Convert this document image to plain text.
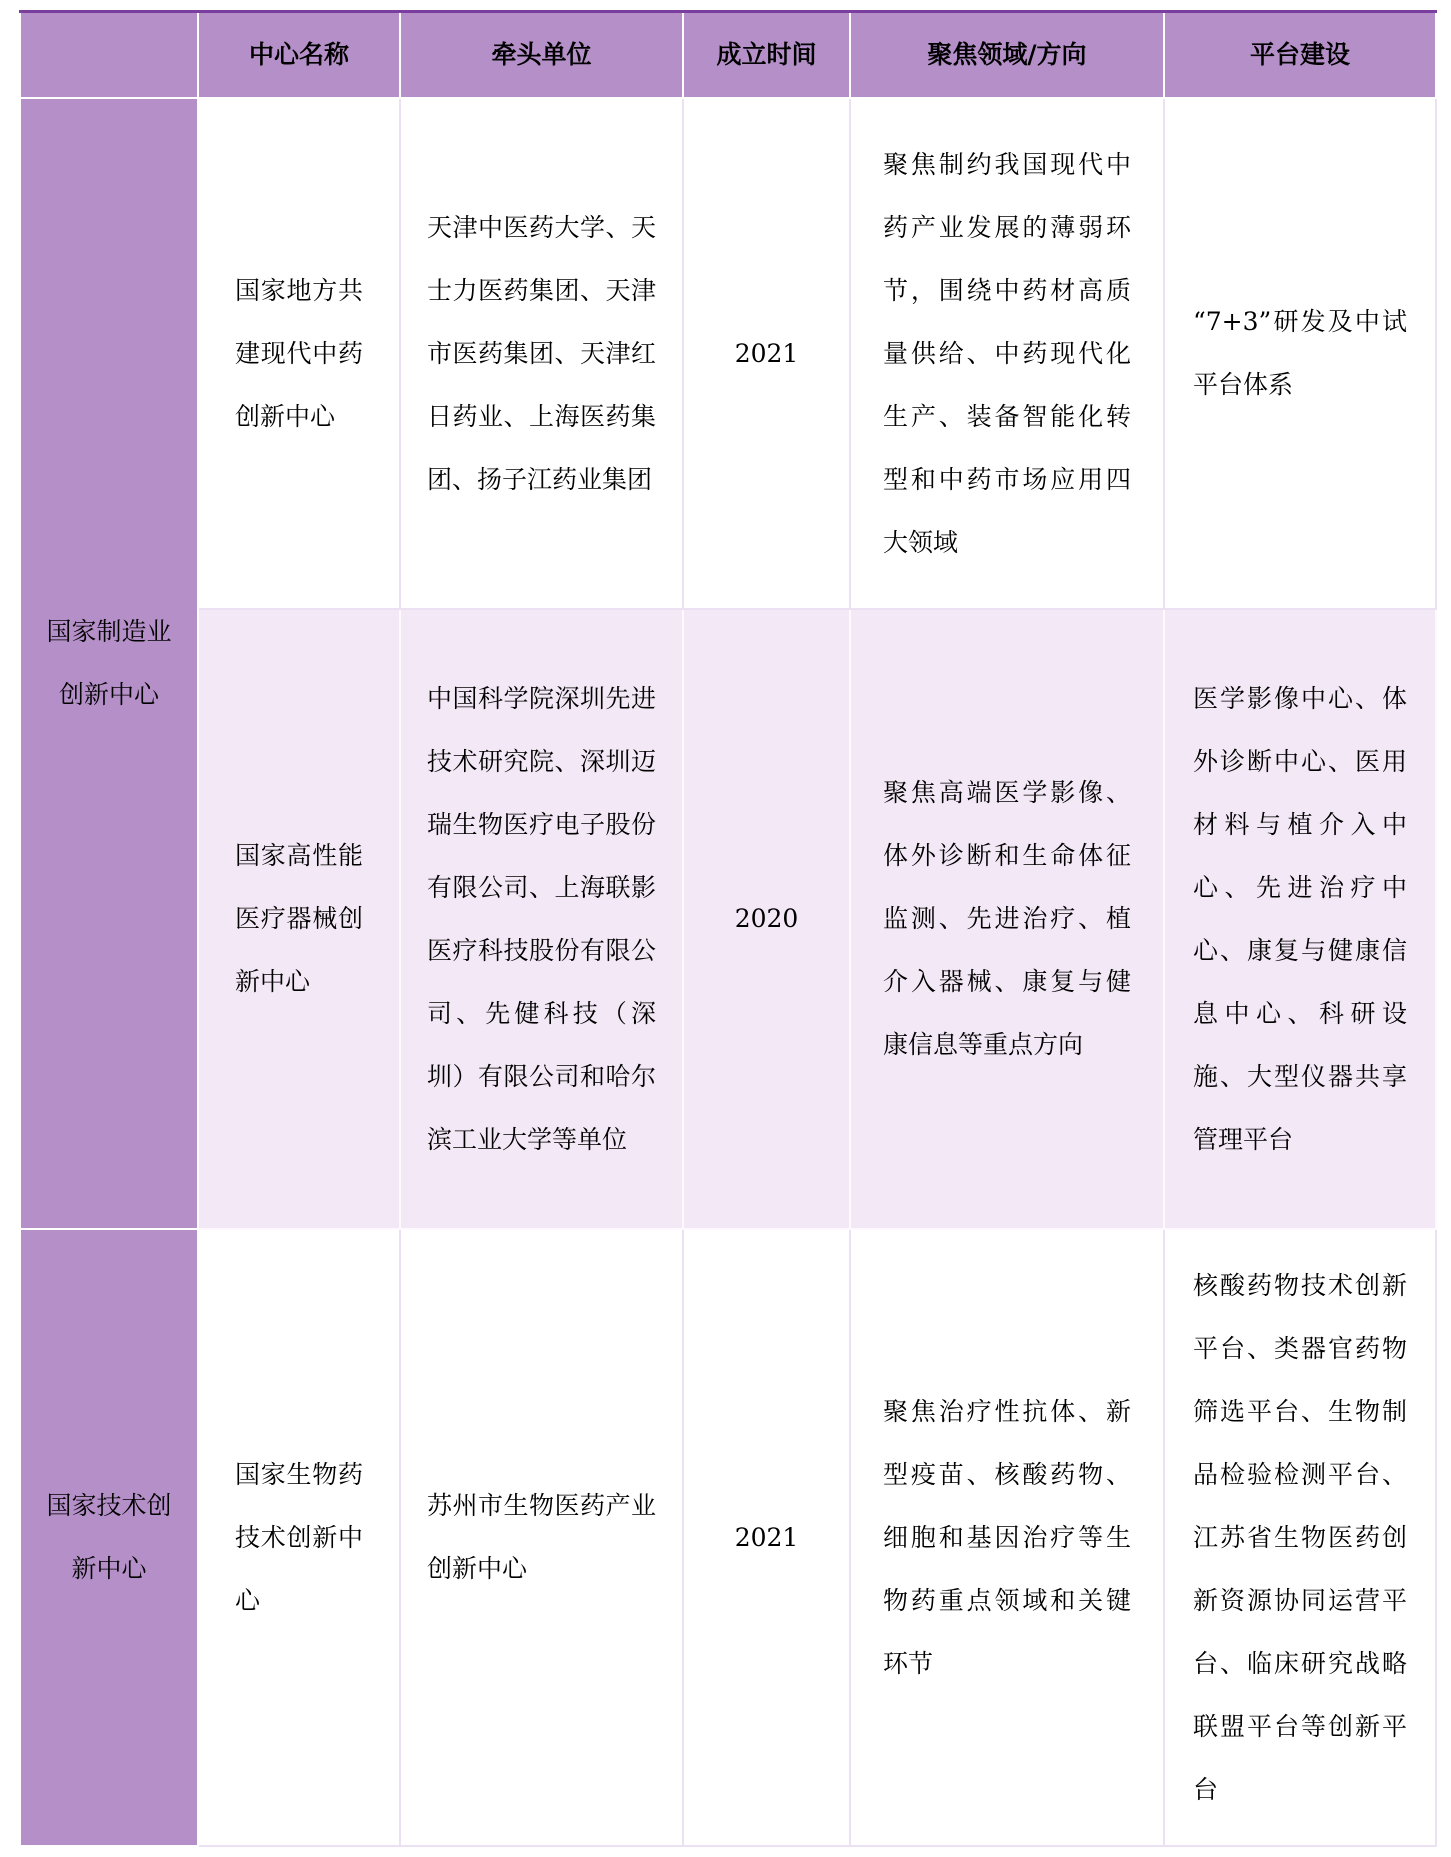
	中心名称	牵头单位	成立时间	聚焦领域/方向	平台建设
国家制造业创新中心	国家地方共建现代中药创新中心	天津中医药大学、天士力医药集团、天津市医药集团、天津红日药业、上海医药集团、扬子江药业集团	2021	聚焦制约我国现代中药产业发展的薄弱环节，围绕中药材高质量供给、中药现代化生产、装备智能化转型和中药市场应用四大领域	“7+3”研发及中试平台体系
	国家高性能医疗器械创新中心	中国科学院深圳先进技术研究院、深圳迈瑞生物医疗电子股份有限公司、上海联影医疗科技股份有限公司、先健科技（深圳）有限公司和哈尔滨工业大学等单位	2020	聚焦高端医学影像、体外诊断和生命体征监测、先进治疗、植介入器械、康复与健康信息等重点方向	医学影像中心、体外诊断中心、医用材料与植介入中心、先进治疗中心、康复与健康信息中心、科研设施、大型仪器共享管理平台
国家技术创新中心	国家生物药技术创新中心	苏州市生物医药产业创新中心	2021	聚焦治疗性抗体、新型疫苗、核酸药物、细胞和基因治疗等生物药重点领域和关键环节	核酸药物技术创新平台、类器官药物筛选平台、生物制品检验检测平台、江苏省生物医药创新资源协同运营平台、临床研究战略联盟平台等创新平台
